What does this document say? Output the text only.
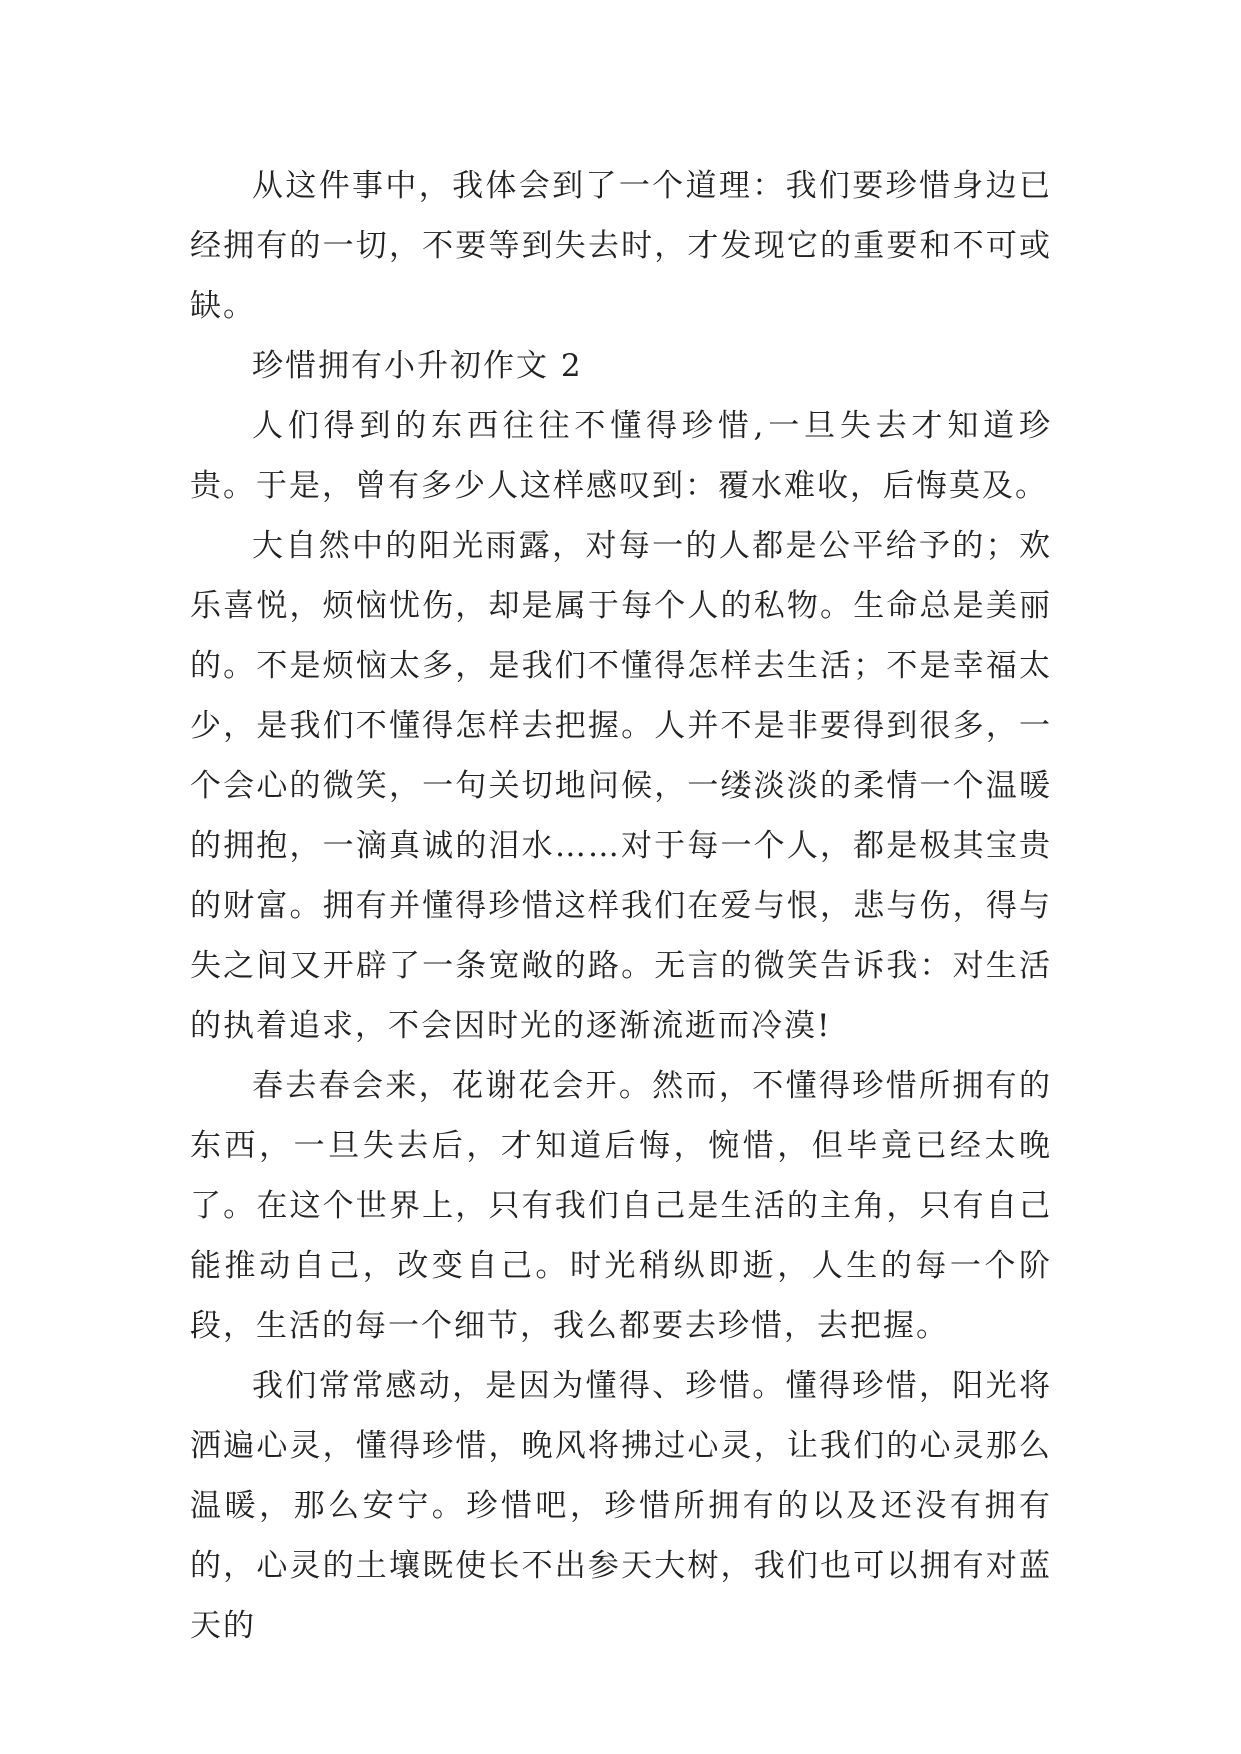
从这件事中，我体会到了一个道理：我们要珍惜身边已经拥有的一切，不要等到失去时，才发现它的重要和不可或缺。

珍惜拥有小升初作文 2

人们得到的东西往往不懂得珍惜,一旦失去才知道珍贵。于是，曾有多少人这样感叹到：覆水难收，后悔莫及。

大自然中的阳光雨露，对每一的人都是公平给予的；欢乐喜悦，烦恼忧伤，却是属于每个人的私物。生命总是美丽的。不是烦恼太多，是我们不懂得怎样去生活；不是幸福太少，是我们不懂得怎样去把握。人并不是非要得到很多，一个会心的微笑，一句关切地问候，一缕淡淡的柔情一个温暖的拥抱，一滴真诚的泪水……对于每一个人，都是极其宝贵的财富。拥有并懂得珍惜这样我们在爱与恨，悲与伤，得与失之间又开辟了一条宽敞的路。无言的微笑告诉我：对生活的执着追求，不会因时光的逐渐流逝而冷漠!

春去春会来，花谢花会开。然而，不懂得珍惜所拥有的东西，一旦失去后，才知道后悔，惋惜，但毕竟已经太晚了。在这个世界上，只有我们自己是生活的主角，只有自己能推动自己，改变自己。时光稍纵即逝，人生的每一个阶段，生活的每一个细节，我么都要去珍惜，去把握。

我们常常感动，是因为懂得、珍惜。懂得珍惜，阳光将洒遍心灵，懂得珍惜，晚风将拂过心灵，让我们的心灵那么温暖，那么安宁。珍惜吧，珍惜所拥有的以及还没有拥有的，心灵的土壤既使长不出参天大树，我们也可以拥有对蓝天的
